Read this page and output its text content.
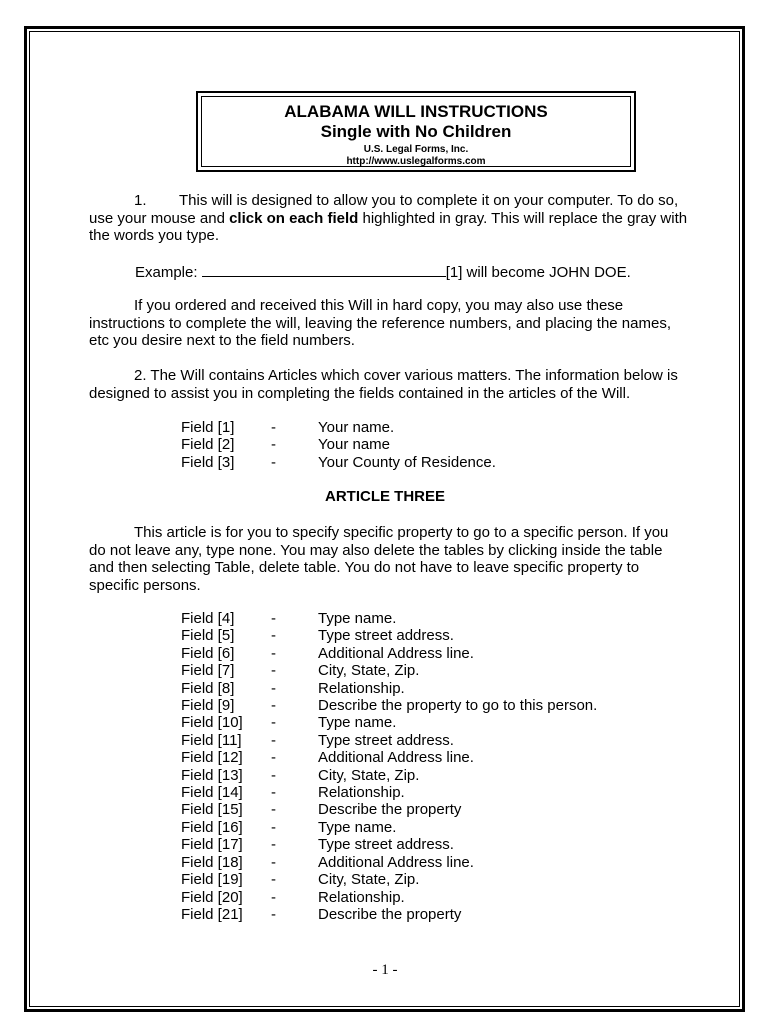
ALABAMA WILL INSTRUCTIONS
Single with No Children
U.S. Legal Forms, Inc.
http://www.uslegalforms.com
1. This will is designed to allow you to complete it on your computer. To do so, use your mouse and click on each field highlighted in gray. This will replace the gray with the words you type.
Example:	[1] will become JOHN DOE.
If you ordered and received this Will in hard copy, you may also use these instructions to complete the will, leaving the reference numbers, and placing the names, etc you desire next to the field numbers.
2. The Will contains Articles which cover various matters. The information below is designed to assist you in completing the fields contained in the articles of the Will.
Field [1]	-	Your name.
Field [2]	-	Your name
Field [3]	-	Your County of Residence.
ARTICLE THREE
This article is for you to specify specific property to go to a specific person. If you do not leave any, type none. You may also delete the tables by clicking inside the table and then selecting Table, delete table. You do not have to leave specific property to specific persons.
Field [4]	-	Type name.
Field [5]	-	Type street address.
Field [6]	-	Additional Address line.
Field [7]	-	City, State, Zip.
Field [8]	-	Relationship.
Field [9]	-	Describe the property to go to this person.
Field [10]	-	Type name.
Field [11]	-	Type street address.
Field [12]	-	Additional Address line.
Field [13]	-	City, State, Zip.
Field [14]	-	Relationship.
Field [15]	-	Describe the property
Field [16]	-	Type name.
Field [17]	-	Type street address.
Field [18]	-	Additional Address line.
Field [19]	-	City, State, Zip.
Field [20]	-	Relationship.
Field [21]	-	Describe the property
- 1 -
